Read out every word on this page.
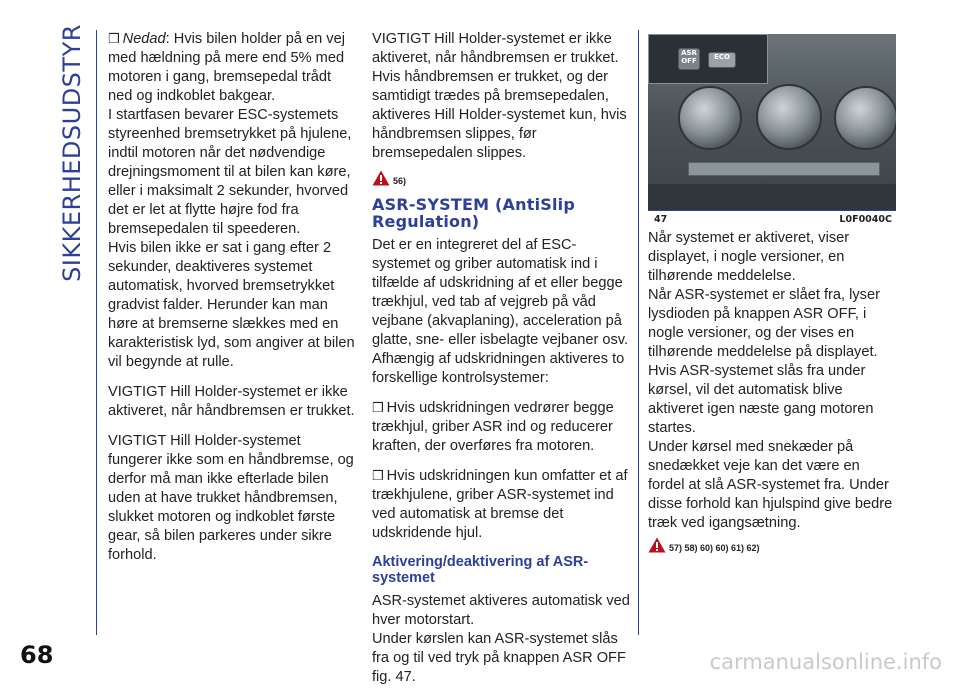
SIKKERHEDSUDSTYR ❒ Nedad: Hvis bilen holder på en vej med hældning på mere end 5% med motoren i gang, bremsepedal trådt ned og indkoblet bakgear.

I startfasen bevarer ESC-systemets styreenhed bremsetrykket på hjulene, indtil motoren når det nødvendige drejningsmoment til at bilen kan køre, eller i maksimalt 2 sekunder, hvorved det er let at flytte højre fod fra bremsepedalen til speederen.

Hvis bilen ikke er sat i gang efter 2 sekunder, deaktiveres systemet automatisk, hvorved bremsetrykket gradvist falder. Herunder kan man høre at bremserne slækkes med en karakteristisk lyd, som angiver at bilen vil begynde at rulle.

VIGTIGT Hill Holder-systemet er ikke aktiveret, når håndbremsen er trukket.

VIGTIGT Hill Holder-systemet fungerer ikke som en håndbremse, og derfor må man ikke efterlade bilen uden at have trukket håndbremsen, slukket motoren og indkoblet første gear, så bilen parkeres under sikre forhold.

VIGTIGT Hill Holder-systemet er ikke aktiveret, når håndbremsen er trukket. Hvis håndbremsen er trukket, og der samtidigt trædes på bremsepedalen, aktiveres Hill Holder-systemet kun, hvis håndbremsen slippes, før bremsepedalen slippes.

56)
ASR-SYSTEM (AntiSlip Regulation)

Det er en integreret del af ESC-systemet og griber automatisk ind i tilfælde af udskridning af et eller begge trækhjul, ved tab af vejgreb på våd vejbane (akvaplaning), acceleration på glatte, sne- eller isbelagte vejbaner osv. Afhængig af udskridningen aktiveres to forskellige kontrolsystemer:

❒ Hvis udskridningen vedrører begge trækhjul, griber ASR ind og reducerer kraften, der overføres fra motoren.

❒ Hvis udskridningen kun omfatter et af trækhjulene, griber ASR-systemet ind ved automatisk at bremse det udskridende hjul.

Aktivering/deaktivering af ASR-systemet

ASR-systemet aktiveres automatisk ved hver motorstart.

Under kørslen kan ASR-systemet slås fra og til ved tryk på knappen ASR OFF fig. 47.

ASR OFF	ECO
47	L0F0040C

Når systemet er aktiveret, viser displayet, i nogle versioner, en tilhørende meddelelse.

Når ASR-systemet er slået fra, lyser lysdioden på knappen ASR OFF, i nogle versioner, og der vises en tilhørende meddelelse på displayet. Hvis ASR-systemet slås fra under kørsel, vil det automatisk blive aktiveret igen næste gang motoren startes.

Under kørsel med snekæder på snedækket veje kan det være en fordel at slå ASR-systemet fra. Under disse forhold kan hjulspind give bedre træk ved igangsætning.

57) 58) 60) 60) 61) 62)
68	carmanualsonline.info
